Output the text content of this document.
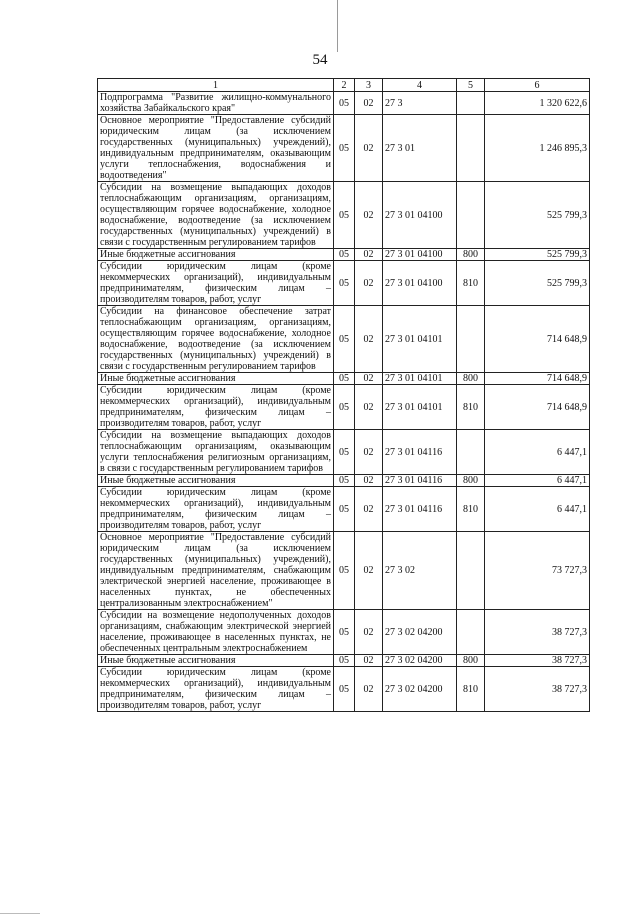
54
1	2	3	4	5	6
Подпрограмма "Развитие жилищно-коммунального хозяйства Забайкальского края"	05	02	27 3		1 320 622,6
Основное мероприятие "Предоставление субсидий юридическим лицам (за исключением государственных (муниципальных) учреждений), индивидуальным предпринимателям, оказывающим услуги теплоснабжения, водоснабжения и водоотведения"	05	02	27 3 01		1 246 895,3
Субсидии на возмещение выпадающих доходов теплоснабжающим организациям, организациям, осуществляющим горячее водоснабжение, холодное водоснабжение, водоотведение (за исключением государственных (муниципальных) учреждений) в связи с государственным регулированием тарифов	05	02	27 3 01 04100		525 799,3
Иные бюджетные ассигнования	05	02	27 3 01 04100	800	525 799,3
Субсидии юридическим лицам (кроме некоммерческих организаций), индивидуальным предпринимателям, физическим лицам – производителям товаров, работ, услуг	05	02	27 3 01 04100	810	525 799,3
Субсидии на финансовое обеспечение затрат теплоснабжающим организациям, организациям, осуществляющим горячее водоснабжение, холодное водоснабжение, водоотведение (за исключением государственных (муниципальных) учреждений) в связи с государственным регулированием тарифов	05	02	27 3 01 04101		714 648,9
Иные бюджетные ассигнования	05	02	27 3 01 04101	800	714 648,9
Субсидии юридическим лицам (кроме некоммерческих организаций), индивидуальным предпринимателям, физическим лицам – производителям товаров, работ, услуг	05	02	27 3 01 04101	810	714 648,9
Субсидии на возмещение выпадающих доходов теплоснабжающим организациям, оказывающим услуги теплоснабжения религиозным организациям, в связи с государственным регулированием тарифов	05	02	27 3 01 04116		6 447,1
Иные бюджетные ассигнования	05	02	27 3 01 04116	800	6 447,1
Субсидии юридическим лицам (кроме некоммерческих организаций), индивидуальным предпринимателям, физическим лицам – производителям товаров, работ, услуг	05	02	27 3 01 04116	810	6 447,1
Основное мероприятие "Предоставление субсидий юридическим лицам (за исключением государственных (муниципальных) учреждений), индивидуальным предпринимателям, снабжающим электрической энергией население, проживающее в населенных пунктах, не обеспеченных централизованным электроснабжением"	05	02	27 3 02		73 727,3
Субсидии на возмещение недополученных доходов организациям, снабжающим электрической энергией население, проживающее в населенных пунктах, не обеспеченных центральным электроснабжением	05	02	27 3 02 04200		38 727,3
Иные бюджетные ассигнования	05	02	27 3 02 04200	800	38 727,3
Субсидии юридическим лицам (кроме некоммерческих организаций), индивидуальным предпринимателям, физическим лицам – производителям товаров, работ, услуг	05	02	27 3 02 04200	810	38 727,3
